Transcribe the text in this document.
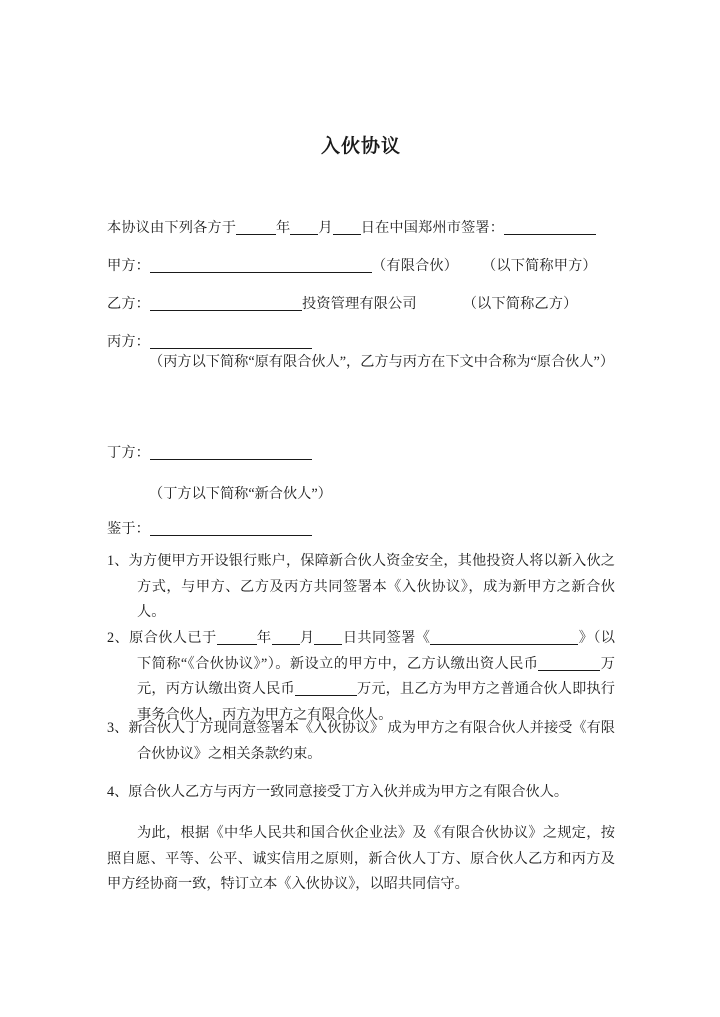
入伙协议
本协议由下列各方于	年 月 日在中国郑州市签署：
甲方：	（有限合伙） （以下简称甲方）
乙方：	投资管理有限公司	（以下简称乙方）
丙方：
（丙方以下简称“原有限合伙人”，乙方与丙方在下文中合称为“原合伙人”）
丁方：
（丁方以下简称“新合伙人”）
鉴于：
1、为方便甲方开设银行账户，保障新合伙人资金安全，其他投资人将以新入伙之方式，与甲方、乙方及丙方共同签署本《入伙协议》，成为新甲方之新合伙人。
2、原合伙人已于	年 月 日共同签署《	》（以下简称“《合伙协议》”）。新设立的甲方中，乙方认缴出资人民币	万元，丙方认缴出资人民币	万元，且乙方为甲方之普通合伙人即执行事务合伙人，丙方为甲方之有限合伙人。
3、新合伙人丁方现同意签署本《入伙协议》 成为甲方之有限合伙人并接受《有限合伙协议》之相关条款约束。
4、原合伙人乙方与丙方一致同意接受丁方入伙并成为甲方之有限合伙人。
为此，根据《中华人民共和国合伙企业法》及《有限合伙协议》之规定，按照自愿、平等、公平、诚实信用之原则，新合伙人丁方、原合伙人乙方和丙方及甲方经协商一致，特订立本《入伙协议》，以昭共同信守。
